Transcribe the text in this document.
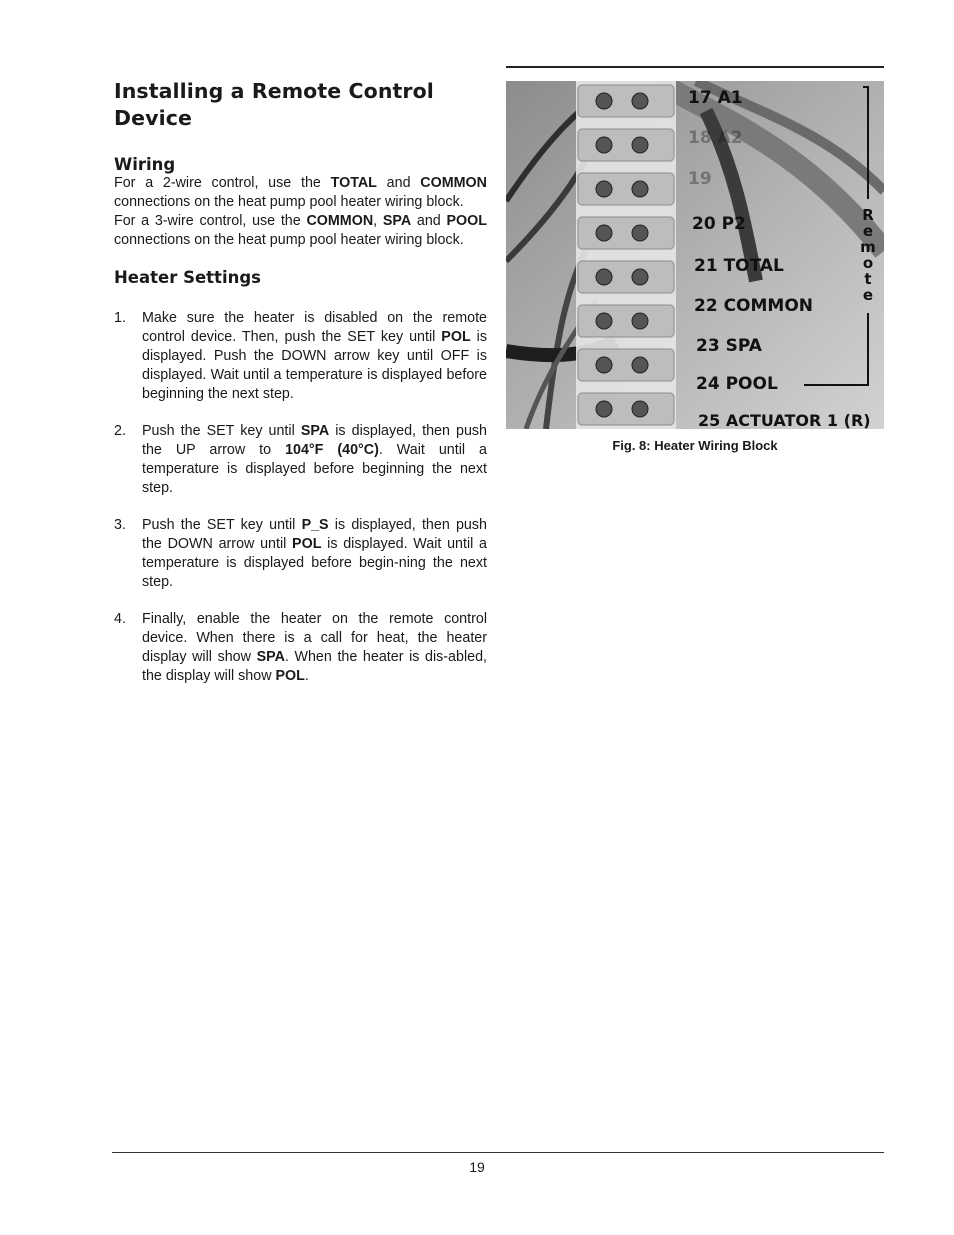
Installing a Remote Control Device
Wiring

For a 2-wire control, use the TOTAL and COMMON connections on the heat pump pool heater wiring block.

For a 3-wire control, use the COMMON, SPA and POOL connections on the heat pump pool heater wiring block.

Heater Settings
1.	Make sure the heater is disabled on the remote control device. Then, push the SET key until POL is displayed. Push the DOWN arrow key until OFF is displayed. Wait until a temperature is displayed before beginning the next step.
2.	Push the SET key until SPA is displayed, then push the UP arrow to 104°F (40°C). Wait until a temperature is displayed before beginning the next step.
3.	Push the SET key until P_S is displayed, then push the DOWN arrow until POL is displayed. Wait until a temperature is displayed before begin-ning the next step.
4.	Finally, enable the heater on the remote control device. When there is a call for heat, the heater display will show SPA. When the heater is dis-abled, the display will show POL.
17 A1
18 A2
19
20 P2
21 TOTAL
22 COMMON
23 SPA
24 POOL
25 ACTUATOR 1 (R)
R
e
m
o
t
e
Fig. 8: Heater Wiring Block
19
